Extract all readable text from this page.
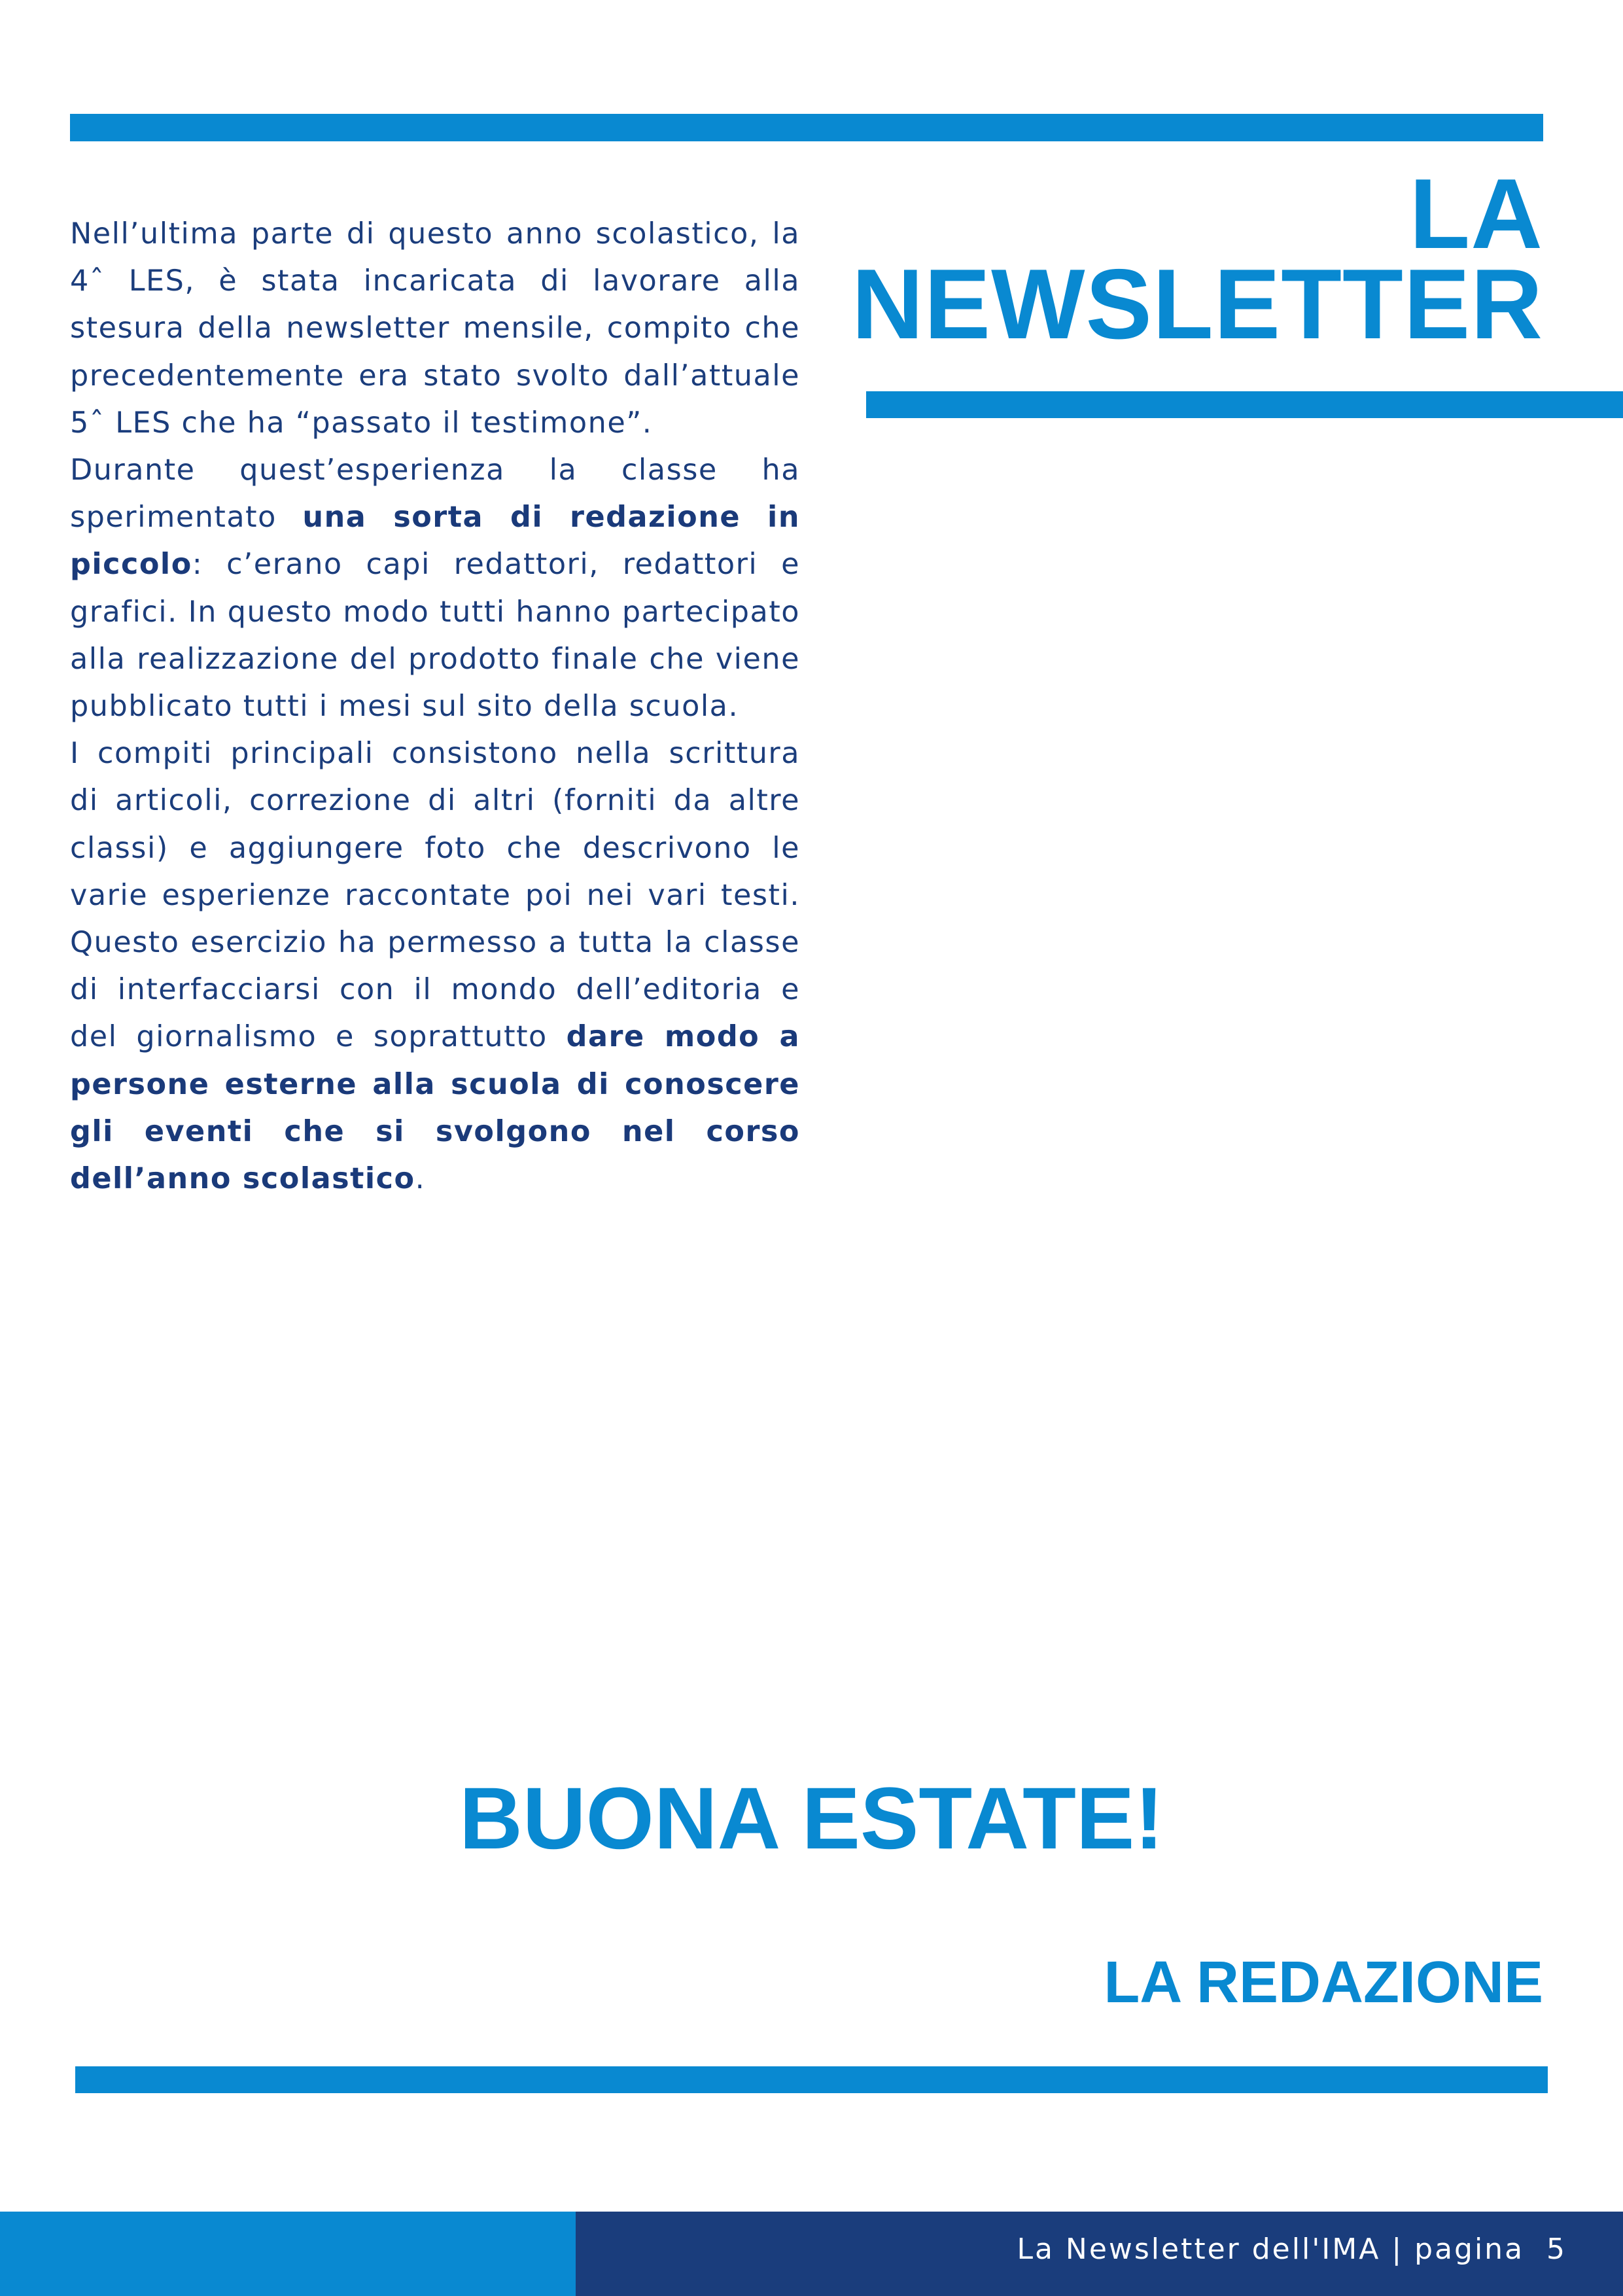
LA
NEWSLETTER

Nell’ultima parte di questo anno scolastico, la 4ˆ LES, è stata incaricata di lavorare alla stesura della newsletter mensile, compito che precedentemente era stato svolto dall’attuale 5ˆ LES che ha “passato il testimone”.

Durante quest’esperienza la classe ha sperimentato una sorta di redazione in piccolo: c’erano capi redattori, redattori e grafici. In questo modo tutti hanno partecipato alla realizzazione del prodotto finale che viene pubblicato tutti i mesi sul sito della scuola.

I compiti principali consistono nella scrittura di articoli, correzione di altri (forniti da altre classi) e aggiungere foto che descrivono le varie esperienze raccontate poi nei vari testi. Questo esercizio ha permesso a tutta la classe di interfacciarsi con il mondo dell’editoria e del giornalismo e soprattutto dare modo a persone esterne alla scuola di conoscere gli eventi che si svolgono nel corso dell’anno scolastico.

BUONA ESTATE!
LA REDAZIONE
La Newsletter dell'IMA | pagina  5
